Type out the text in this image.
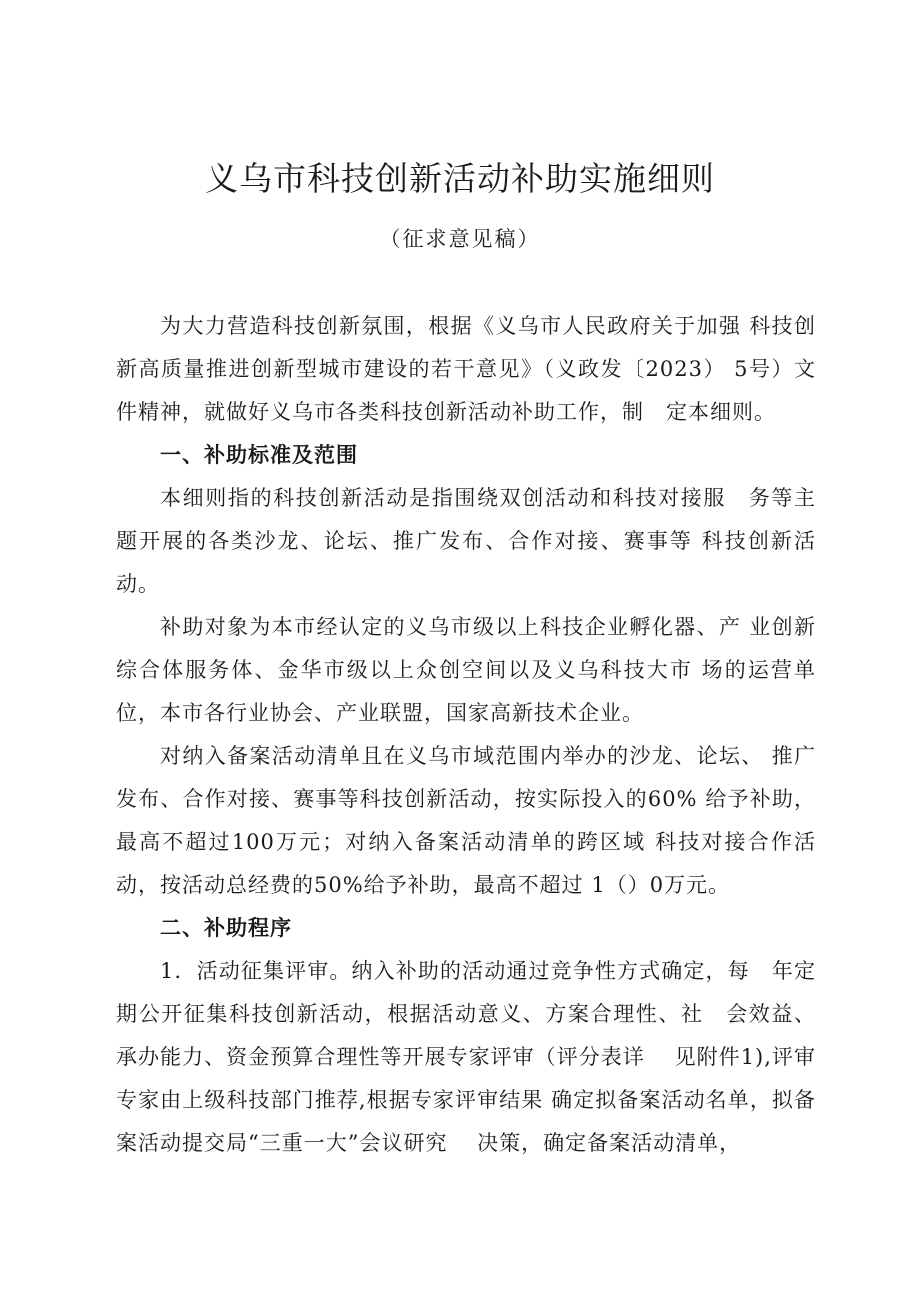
义乌市科技创新活动补助实施细则

（征求意见稿）

为大力营造科技创新氛围，根据《义乌市人民政府关于加强 科技创新高质量推进创新型城市建设的若干意见》（义政发〔2023） 5号）文件精神，就做好义乌市各类科技创新活动补助工作，制　定本细则。

一、补助标准及范围

本细则指的科技创新活动是指围绕双创活动和科技对接服　务等主题开展的各类沙龙、论坛、推广发布、合作对接、赛事等 科技创新活动。

补助对象为本市经认定的义乌市级以上科技企业孵化器、产 业创新综合体服务体、金华市级以上众创空间以及义乌科技大市 场的运营单位，本市各行业协会、产业联盟，国家高新技术企业。

对纳入备案活动清单且在义乌市域范围内举办的沙龙、论坛、 推广发布、合作对接、赛事等科技创新活动，按实际投入的60% 给予补助，最高不超过100万元；对纳入备案活动清单的跨区域 科技对接合作活动，按活动总经费的50%给予补助，最高不超过 1（）0万元。

二、补助程序

1．活动征集评审。纳入补助的活动通过竞争性方式确定，每　年定期公开征集科技创新活动，根据活动意义、方案合理性、社　会效益、承办能力、资金预算合理性等开展专家评审（评分表详　 见附件1),评审专家由上级科技部门推荐,根据专家评审结果 确定拟备案活动名单，拟备案活动提交局“三重一大”会议研究　 决策，确定备案活动清单，
